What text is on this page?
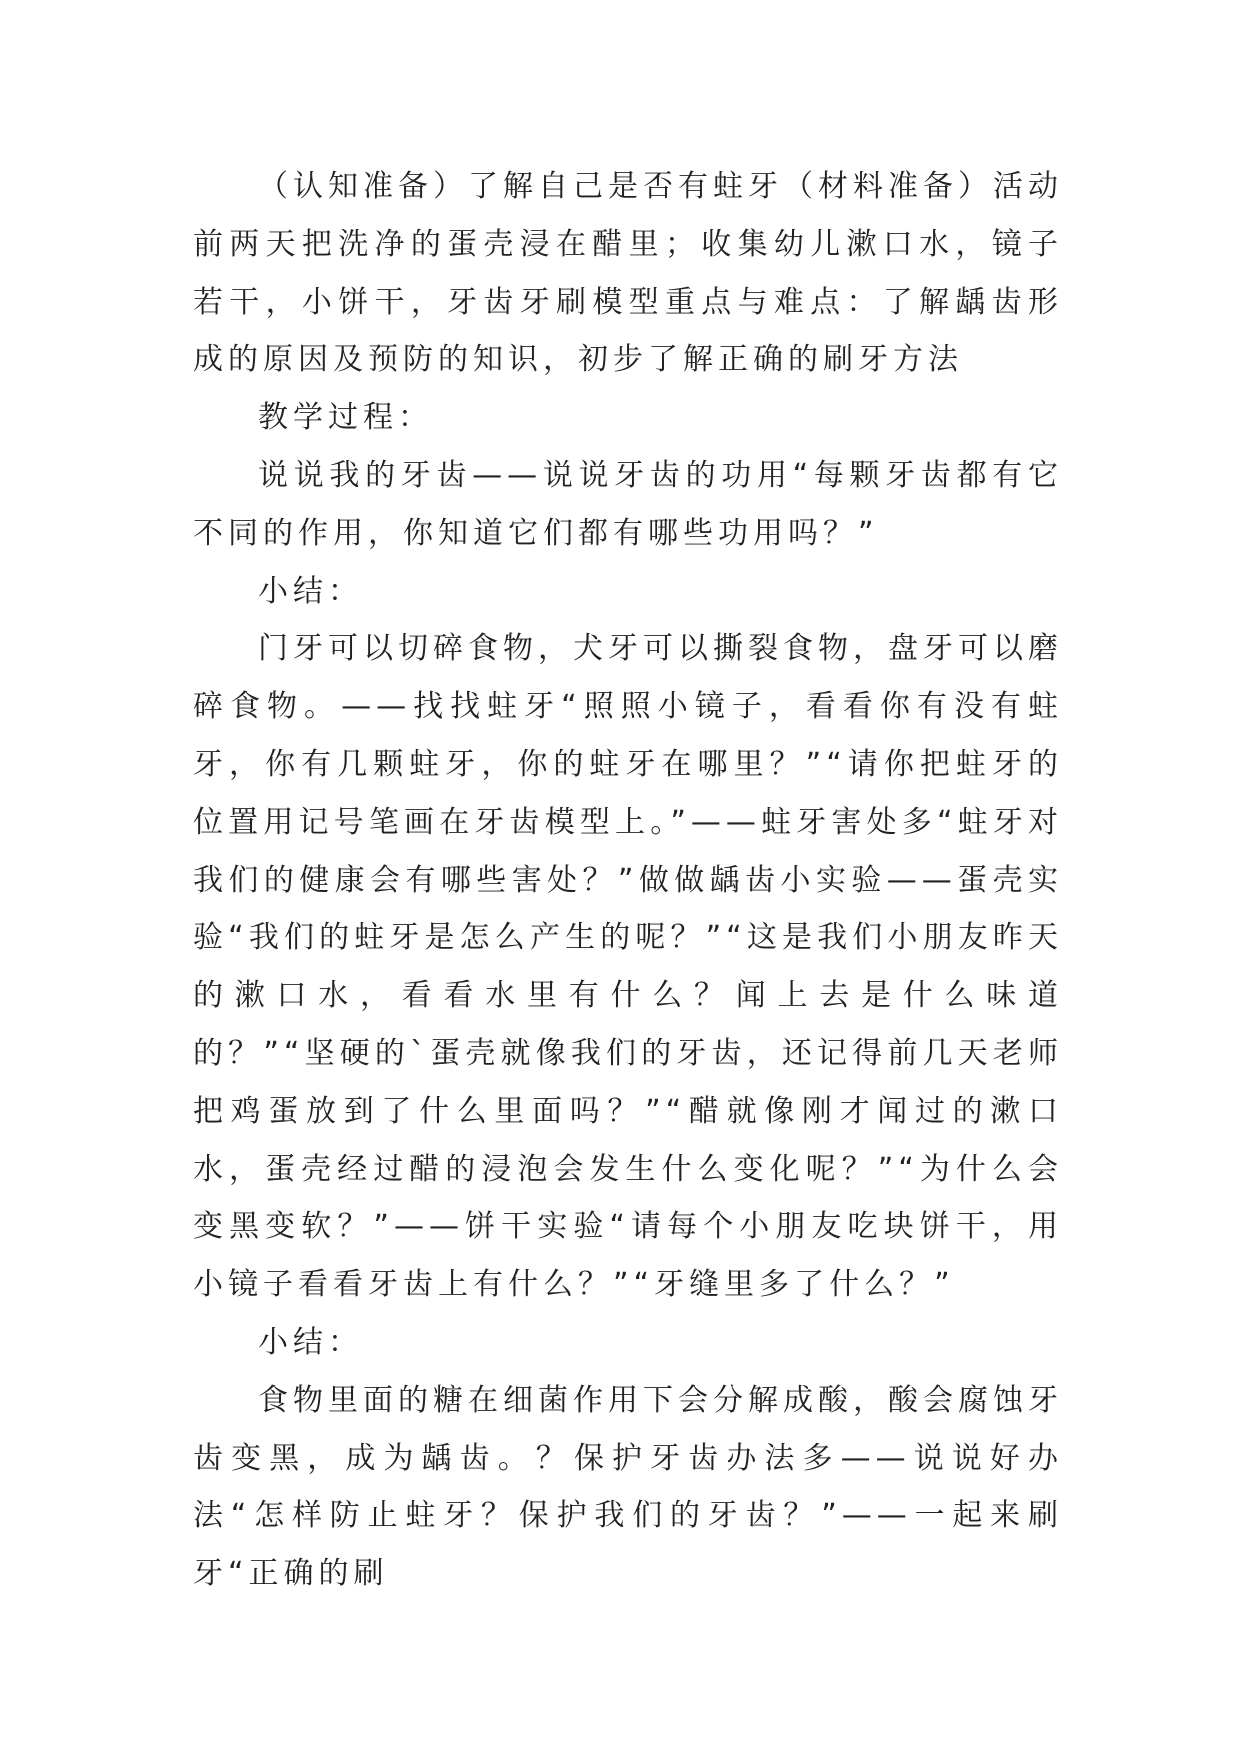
（认知准备）了解自己是否有蛀牙（材料准备）活动前两天把洗净的蛋壳浸在醋里；收集幼儿漱口水，镜子若干，小饼干，牙齿牙刷模型重点与难点：了解龋齿形成的原因及预防的知识，初步了解正确的刷牙方法

教学过程：

说说我的牙齿——说说牙齿的功用“每颗牙齿都有它不同的作用，你知道它们都有哪些功用吗？”

小结：

门牙可以切碎食物，犬牙可以撕裂食物，盘牙可以磨碎食物。——找找蛀牙“照照小镜子，看看你有没有蛀牙，你有几颗蛀牙，你的蛀牙在哪里？”“请你把蛀牙的位置用记号笔画在牙齿模型上。”——蛀牙害处多“蛀牙对我们的健康会有哪些害处？”做做龋齿小实验——蛋壳实验“我们的蛀牙是怎么产生的呢？”“这是我们小朋友昨天的漱口水，看看水里有什么？闻上去是什么味道的？”“坚硬的`蛋壳就像我们的牙齿，还记得前几天老师把鸡蛋放到了什么里面吗？”“醋就像刚才闻过的漱口水，蛋壳经过醋的浸泡会发生什么变化呢？”“为什么会变黑变软？”——饼干实验“请每个小朋友吃块饼干，用小镜子看看牙齿上有什么？”“牙缝里多了什么？”

小结：

食物里面的糖在细菌作用下会分解成酸，酸会腐蚀牙齿变黑，成为龋齿。？保护牙齿办法多——说说好办法“怎样防止蛀牙？保护我们的牙齿？”——一起来刷牙“正确的刷
